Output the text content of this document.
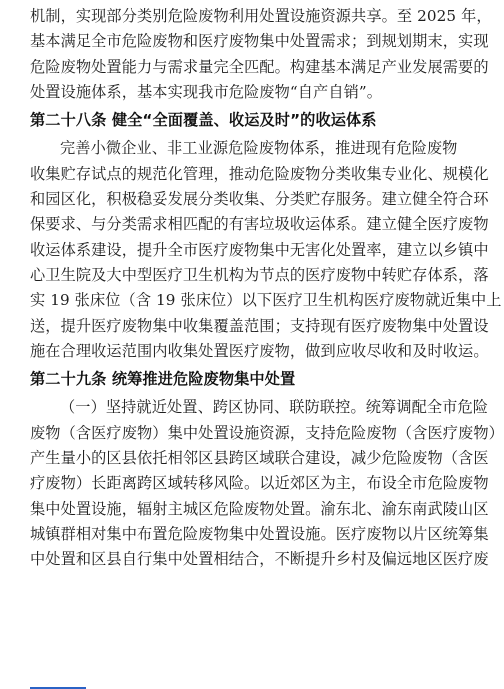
机制，实现部分类别危险废物利用处置设施资源共享。至 2025 年，
基本满足全市危险废物和医疗废物集中处置需求；到规划期末，实现
危险废物处置能力与需求量完全匹配。构建基本满足产业发展需要的
处置设施体系，基本实现我市危险废物“自产自销”。
第二十八条 健全“全面覆盖、收运及时”的收运体系
完善小微企业、非工业源危险废物体系，推进现有危险废物
收集贮存试点的规范化管理，推动危险废物分类收集专业化、规模化
和园区化，积极稳妥发展分类收集、分类贮存服务。建立健全符合环
保要求、与分类需求相匹配的有害垃圾收运体系。建立健全医疗废物
收运体系建设，提升全市医疗废物集中无害化处置率，建立以乡镇中
心卫生院及大中型医疗卫生机构为节点的医疗废物中转贮存体系，落
实 19 张床位（含 19 张床位）以下医疗卫生机构医疗废物就近集中上
送，提升医疗废物集中收集覆盖范围；支持现有医疗废物集中处置设
施在合理收运范围内收集处置医疗废物，做到应收尽收和及时收运。
第二十九条 统筹推进危险废物集中处置
（一）坚持就近处置、跨区协同、联防联控。统筹调配全市危险
废物（含医疗废物）集中处置设施资源，支持危险废物（含医疗废物）
产生量小的区县依托相邻区县跨区域联合建设，减少危险废物（含医
疗废物）长距离跨区域转移风险。以近郊区为主，布设全市危险废物
集中处置设施，辐射主城区危险废物处置。渝东北、渝东南武陵山区
城镇群相对集中布置危险废物集中处置设施。医疗废物以片区统筹集
中处置和区县自行集中处置相结合，不断提升乡村及偏远地区医疗废
